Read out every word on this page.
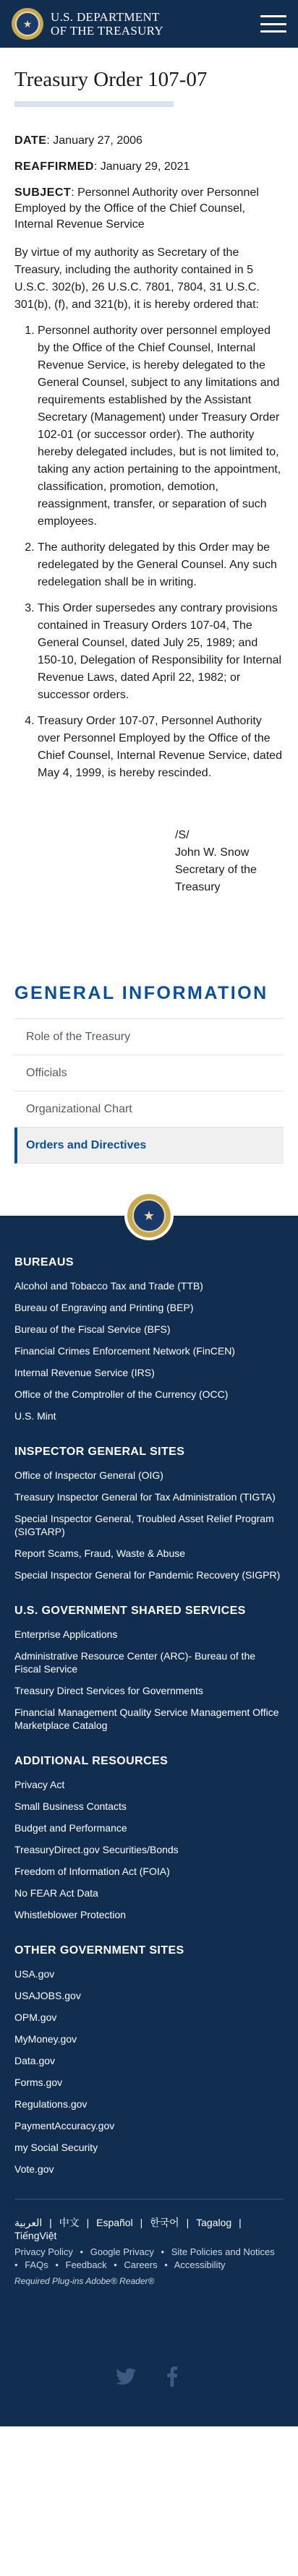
★	U.S. DEPARTMENT
OF THE TREASURY
Treasury Order 107-07
DATE: January 27, 2006
REAFFIRMED: January 29, 2021
SUBJECT: Personnel Authority over Personnel Employed by the Office of the Chief Counsel, Internal Revenue Service

By virtue of my authority as Secretary of the Treasury, including the authority contained in 5 U.S.C. 302(b), 26 U.S.C. 7801, 7804, 31 U.S.C. 301(b), (f), and 321(b), it is hereby ordered that:

1. Personnel authority over personnel employed by the Office of the Chief Counsel, Internal Revenue Service, is hereby delegated to the General Counsel, subject to any limitations and requirements established by the Assistant Secretary (Management) under Treasury Order 102-01 (or successor order). The authority hereby delegated includes, but is not limited to, taking any action pertaining to the appointment, classification, promotion, demotion, reassignment, transfer, or separation of such employees.
2. The authority delegated by this Order may be redelegated by the General Counsel. Any such redelegation shall be in writing.
3. This Order supersedes any contrary provisions contained in Treasury Orders 107-04, The General Counsel, dated July 25, 1989; and 150-10, Delegation of Responsibility for Internal Revenue Laws, dated April 22, 1982; or successor orders.
4. Treasury Order 107-07, Personnel Authority over Personnel Employed by the Office of the Chief Counsel, Internal Revenue Service, dated May 4, 1999, is hereby rescinded.
/S/
John W. Snow
Secretary of the
Treasury
GENERAL INFORMATION
Role of the Treasury
Officials
Organizational Chart
Orders and Directives
★
BUREAUS
Alcohol and Tobacco Tax and Trade (TTB)
Bureau of Engraving and Printing (BEP)
Bureau of the Fiscal Service (BFS)
Financial Crimes Enforcement Network (FinCEN)
Internal Revenue Service (IRS)
Office of the Comptroller of the Currency (OCC)
U.S. Mint
INSPECTOR GENERAL SITES
Office of Inspector General (OIG)
Treasury Inspector General for Tax Administration (TIGTA)
Special Inspector General, Troubled Asset Relief Program (SIGTARP)
Report Scams, Fraud, Waste & Abuse
Special Inspector General for Pandemic Recovery (SIGPR)
U.S. GOVERNMENT SHARED SERVICES
Enterprise Applications
Administrative Resource Center (ARC)- Bureau of the Fiscal Service
Treasury Direct Services for Governments
Financial Management Quality Service Management Office Marketplace Catalog
ADDITIONAL RESOURCES
Privacy Act
Small Business Contacts
Budget and Performance
TreasuryDirect.gov Securities/Bonds
Freedom of Information Act (FOIA)
No FEAR Act Data
Whistleblower Protection
OTHER GOVERNMENT SITES
USA.gov
USAJOBS.gov
OPM.gov
MyMoney.gov
Data.gov
Forms.gov
Regulations.gov
PaymentAccuracy.gov
my Social Security
Vote.gov
العربية | 中文 | Español | 한국어 | Tagalog | TiếngViệt
Privacy Policy • Google Privacy • Site Policies and Notices • FAQs • Feedback • Careers • Accessibility
Required Plug-ins Adobe® Reader®
